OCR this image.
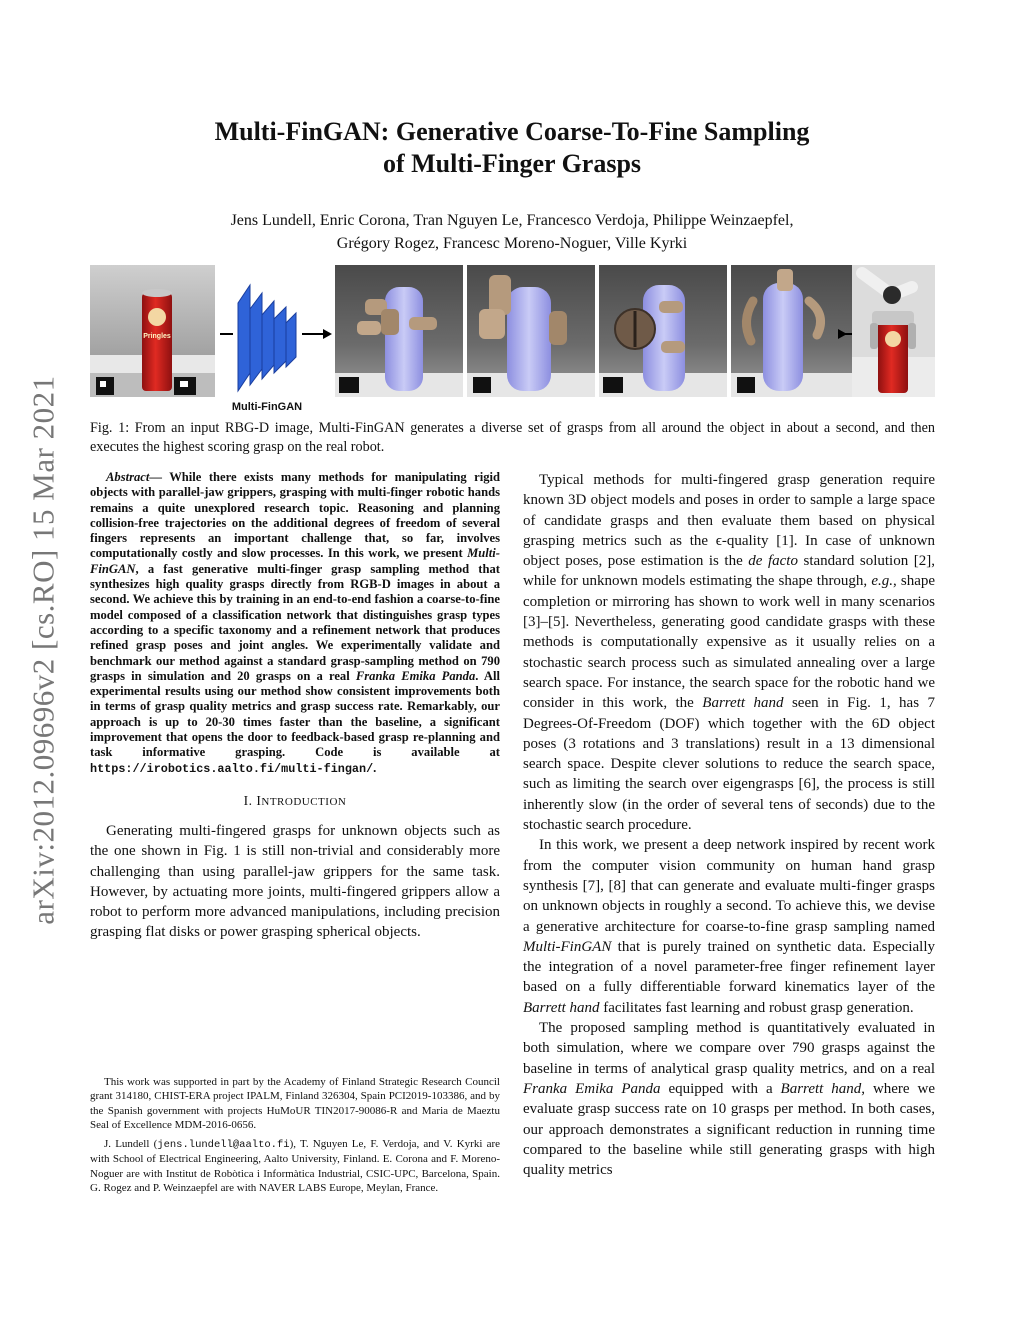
arXiv:2012.09696v2 [cs.RO] 15 Mar 2021
Multi-FinGAN: Generative Coarse-To-Fine Sampling
of Multi-Finger Grasps

Jens Lundell, Enric Corona, Tran Nguyen Le, Francesco Verdoja, Philippe Weinzaepfel,
Grégory Rogez, Francesc Moreno-Noguer, Ville Kyrki

Pringles
Multi-FinGAN

Fig. 1: From an input RBG-D image, Multi-FinGAN generates a diverse set of grasps from all around the object in about a second, and then executes the highest scoring grasp on the real robot.

Abstract— While there exists many methods for manipulating rigid objects with parallel-jaw grippers, grasping with multi-finger robotic hands remains a quite unexplored research topic. Reasoning and planning collision-free trajectories on the additional degrees of freedom of several fingers represents an important challenge that, so far, involves computationally costly and slow processes. In this work, we present Multi-FinGAN, a fast generative multi-finger grasp sampling method that synthesizes high quality grasps directly from RGB-D images in about a second. We achieve this by training in an end-to-end fashion a coarse-to-fine model composed of a classification network that distinguishes grasp types according to a specific taxonomy and a refinement network that produces refined grasp poses and joint angles. We experimentally validate and benchmark our method against a standard grasp-sampling method on 790 grasps in simulation and 20 grasps on a real Franka Emika Panda. All experimental results using our method show consistent improvements both in terms of grasp quality metrics and grasp success rate. Remarkably, our approach is up to 20-30 times faster than the baseline, a significant improvement that opens the door to feedback-based grasp re-planning and task informative grasping. Code is available at https://irobotics.aalto.fi/multi-fingan/.

I. INTRODUCTION

Generating multi-fingered grasps for unknown objects such as the one shown in Fig. 1 is still non-trivial and considerably more challenging than using parallel-jaw grippers for the same task. However, by actuating more joints, multi-fingered grippers allow a robot to perform more advanced manipulations, including precision grasping flat disks or power grasping spherical objects.

This work was supported in part by the Academy of Finland Strategic Research Council grant 314180, CHIST-ERA project IPALM, Finland 326304, Spain PCI2019-103386, and by the Spanish government with projects HuMoUR TIN2017-90086-R and Maria de Maeztu Seal of Excellence MDM-2016-0656.

J. Lundell (jens.lundell@aalto.fi), T. Nguyen Le, F. Verdoja, and V. Kyrki are with School of Electrical Engineering, Aalto University, Finland. E. Corona and F. Moreno-Noguer are with Institut de Robòtica i Informàtica Industrial, CSIC-UPC, Barcelona, Spain. G. Rogez and P. Weinzaepfel are with NAVER LABS Europe, Meylan, France.

Typical methods for multi-fingered grasp generation require known 3D object models and poses in order to sample a large space of candidate grasps and then evaluate them based on physical grasping metrics such as the ϵ-quality [1]. In case of unknown object poses, pose estimation is the de facto standard solution [2], while for unknown models estimating the shape through, e.g., shape completion or mirroring has shown to work well in many scenarios [3]–[5]. Nevertheless, generating good candidate grasps with these methods is computationally expensive as it usually relies on a stochastic search process such as simulated annealing over a large search space. For instance, the search space for the robotic hand we consider in this work, the Barrett hand seen in Fig. 1, has 7 Degrees-Of-Freedom (DOF) which together with the 6D object poses (3 rotations and 3 translations) result in a 13 dimensional search space. Despite clever solutions to reduce the search space, such as limiting the search over eigengrasps [6], the process is still inherently slow (in the order of several tens of seconds) due to the stochastic search procedure.

In this work, we present a deep network inspired by recent work from the computer vision community on human hand grasp synthesis [7], [8] that can generate and evaluate multi-finger grasps on unknown objects in roughly a second. To achieve this, we devise a generative architecture for coarse-to-fine grasp sampling named Multi-FinGAN that is purely trained on synthetic data. Especially the integration of a novel parameter-free finger refinement layer based on a fully differentiable forward kinematics layer of the Barrett hand facilitates fast learning and robust grasp generation.

The proposed sampling method is quantitatively evaluated in both simulation, where we compare over 790 grasps against the baseline in terms of analytical grasp quality metrics, and on a real Franka Emika Panda equipped with a Barrett hand, where we evaluate grasp success rate on 10 grasps per method. In both cases, our approach demonstrates a significant reduction in running time compared to the baseline while still generating grasps with high quality metrics
